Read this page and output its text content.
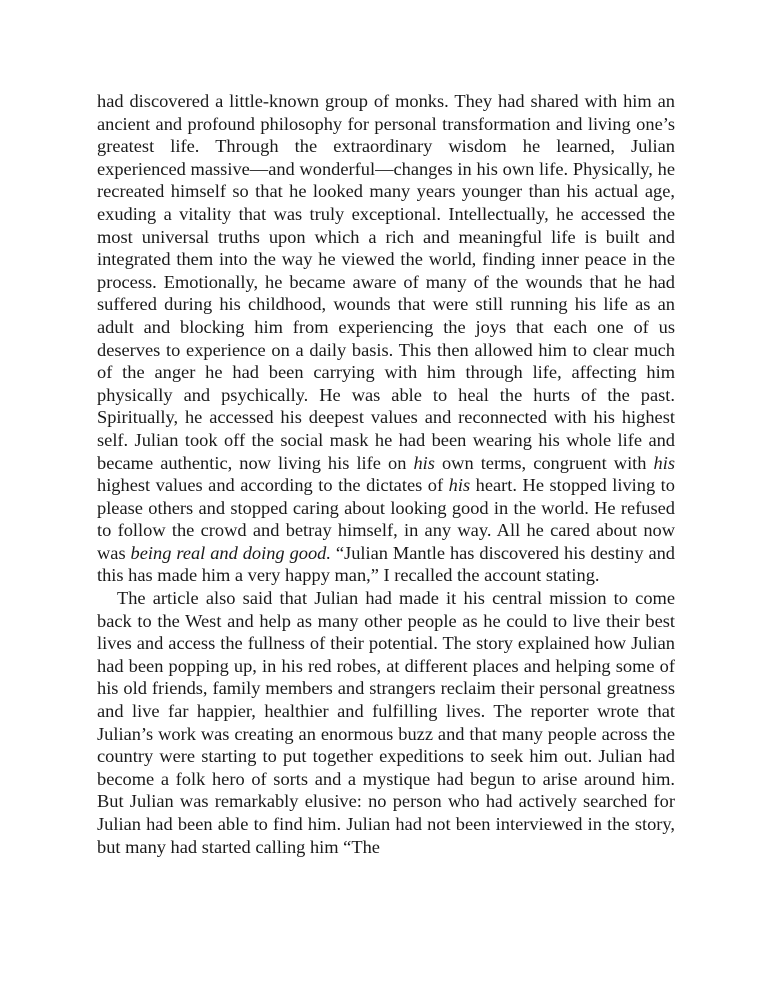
had discovered a little-known group of monks. They had shared with him an ancient and profound philosophy for personal transformation and living one’s greatest life. Through the extraordinary wisdom he learned, Julian experienced massive—and wonderful—changes in his own life. Physically, he recreated himself so that he looked many years younger than his actual age, exuding a vitality that was truly exceptional. Intellectually, he accessed the most universal truths upon which a rich and meaningful life is built and integrated them into the way he viewed the world, finding inner peace in the process. Emotionally, he became aware of many of the wounds that he had suffered during his childhood, wounds that were still running his life as an adult and blocking him from experiencing the joys that each one of us deserves to experience on a daily basis. This then allowed him to clear much of the anger he had been carrying with him through life, affecting him physically and psychically. He was able to heal the hurts of the past. Spiritually, he accessed his deepest values and reconnected with his highest self. Julian took off the social mask he had been wearing his whole life and became authentic, now living his life on his own terms, congruent with his highest values and according to the dictates of his heart. He stopped living to please others and stopped caring about looking good in the world. He refused to follow the crowd and betray himself, in any way. All he cared about now was being real and doing good. “Julian Mantle has discovered his destiny and this has made him a very happy man,” I recalled the account stating.

The article also said that Julian had made it his central mission to come back to the West and help as many other people as he could to live their best lives and access the fullness of their potential. The story explained how Julian had been popping up, in his red robes, at different places and helping some of his old friends, family members and strangers reclaim their personal greatness and live far happier, healthier and fulfilling lives. The reporter wrote that Julian’s work was creating an enormous buzz and that many people across the country were starting to put together expeditions to seek him out. Julian had become a folk hero of sorts and a mystique had begun to arise around him. But Julian was remarkably elusive: no person who had actively searched for Julian had been able to find him. Julian had not been interviewed in the story, but many had started calling him “The
